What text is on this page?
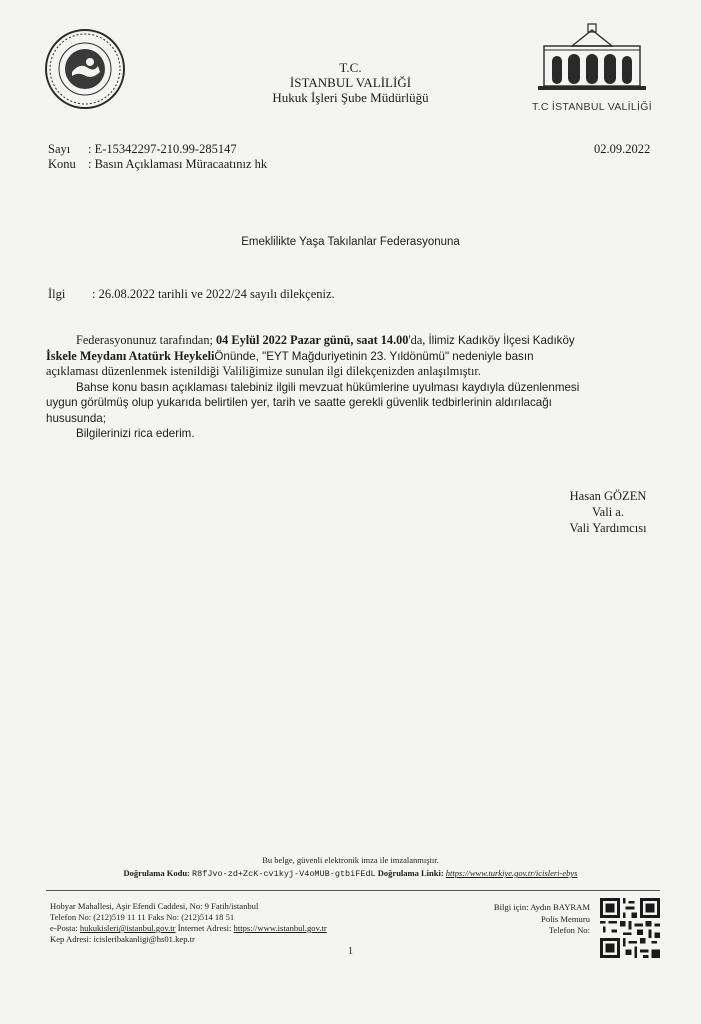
T.C.
İSTANBUL VALİLİĞİ
Hukuk İşleri Şube Müdürlüğü
T.C İSTANBUL VALİLİĞİ
Sayı : E-15342297-210.99-285147
Konu : Basın Açıklaması Müracaatınız hk
02.09.2022
Emeklilikte Yaşa Takılanlar Federasyonuna
İlgi : 26.08.2022 tarihli ve 2022/24 sayılı dilekçeniz.

Federasyonunuz tarafından; 04 Eylül 2022 Pazar günü, saat 14.00'da, İlimiz Kadıköy İlçesi Kadıköy

İskele Meydanı Atatürk HeykeliÖnünde, "EYT Mağduriyetinin 23. Yıldönümü" nedeniyle basın

açıklaması düzenlenmek istenildiği Valiliğimize sunulan ilgi dilekçenizden anlaşılmıştır.

Bahse konu basın açıklaması talebiniz ilgili mevzuat hükümlerine uyulması kaydıyla düzenlenmesi

uygun görülmüş olup yukarıda belirtilen yer, tarih ve saatte gerekli güvenlik tedbirlerinin aldırılacağı

hususunda;

Bilgilerinizi rica ederim.

Hasan GÖZEN
Vali a.
Vali Yardımcısı
Bu belge, güvenli elektronik imza ile imzalanmıştır.
Doğrulama Kodu: R8fJvo-zd+ZcK-cv1kyj-V4oMUB-gtbiFEdL Doğrulama Linki: https://www.turkiye.gov.tr/icisleri-ebys
Hobyar Mahallesi, Aşir Efendi Caddesi, No: 9 Fatih/istanbul
Telefon No: (212)519 11 11 Faks No: (212)514 18 51
e-Posta: hukukisleri@istanbul.gov.tr İnternet Adresi: https://www.istanbul.gov.tr
Kep Adresi: icisleribakanligi@hs01.kep.tr
Bilgi için: Aydın BAYRAM
Polis Memuru
Telefon No:
1
